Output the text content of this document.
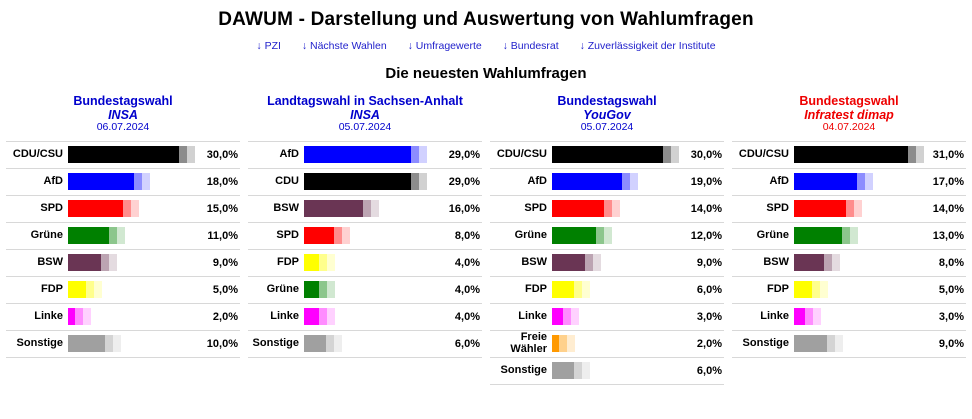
DAWUM - Darstellung und Auswertung von Wahlumfragen
↓ PZI ↓ Nächste Wahlen ↓ Umfragewerte ↓ Bundesrat ↓ Zuverlässigkeit der Institute
Die neuesten Wahlumfragen
Bundestagswahl
INSA
06.07.2024
CDU/CSU	30,0%
AfD	18,0%
SPD	15,0%
Grüne	11,0%
BSW	9,0%
FDP	5,0%
Linke	2,0%
Sonstige	10,0%
Landtagswahl in Sachsen-Anhalt
INSA
05.07.2024
AfD	29,0%
CDU	29,0%
BSW	16,0%
SPD	8,0%
FDP	4,0%
Grüne	4,0%
Linke	4,0%
Sonstige	6,0%
Bundestagswahl
YouGov
05.07.2024
CDU/CSU	30,0%
AfD	19,0%
SPD	14,0%
Grüne	12,0%
BSW	9,0%
FDP	6,0%
Linke	3,0%
Freie Wähler	2,0%
Sonstige	6,0%
Bundestagswahl
Infratest dimap
04.07.2024
CDU/CSU	31,0%
AfD	17,0%
SPD	14,0%
Grüne	13,0%
BSW	8,0%
FDP	5,0%
Linke	3,0%
Sonstige	9,0%
